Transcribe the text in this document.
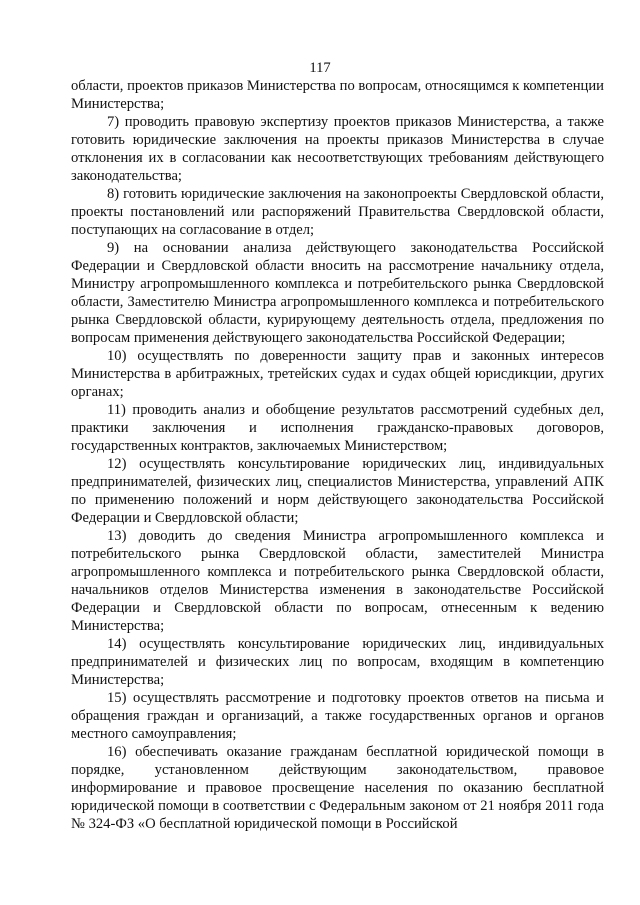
117

области, проектов приказов Министерства по вопросам, относящимся к компетенции Министерства;

7) проводить правовую экспертизу проектов приказов Министерства, а также готовить юридические заключения на проекты приказов Министерства в случае отклонения их в согласовании как несоответствующих требованиям действующего законодательства;

8) готовить юридические заключения на законопроекты Свердловской области, проекты постановлений или распоряжений Правительства Свердловской области, поступающих на согласование в отдел;

9) на основании анализа действующего законодательства Российской Федерации и Свердловской области вносить на рассмотрение начальнику отдела, Министру агропромышленного комплекса и потребительского рынка Свердловской области, Заместителю Министра агропромышленного комплекса и потребительского рынка Свердловской области, курирующему деятельность отдела, предложения по вопросам применения действующего законодательства Российской Федерации;

10) осуществлять по доверенности защиту прав и законных интересов Министерства в арбитражных, третейских судах и судах общей юрисдикции, других органах;

11) проводить анализ и обобщение результатов рассмотрений судебных дел, практики заключения и исполнения гражданско-правовых договоров, государственных контрактов, заключаемых Министерством;

12) осуществлять консультирование юридических лиц, индивидуальных предпринимателей, физических лиц, специалистов Министерства, управлений АПК по применению положений и норм действующего законодательства Российской Федерации и Свердловской области;

13) доводить до сведения Министра агропромышленного комплекса и потребительского рынка Свердловской области, заместителей Министра агропромышленного комплекса и потребительского рынка Свердловской области, начальников отделов Министерства изменения в законодательстве Российской Федерации и Свердловской области по вопросам, отнесенным к ведению Министерства;

14) осуществлять консультирование юридических лиц, индивидуальных предпринимателей и физических лиц по вопросам, входящим в компетенцию Министерства;

15) осуществлять рассмотрение и подготовку проектов ответов на письма и обращения граждан и организаций, а также государственных органов и органов местного самоуправления;

16) обеспечивать оказание гражданам бесплатной юридической помощи в порядке, установленном действующим законодательством, правовое информирование и правовое просвещение населения по оказанию бесплатной юридической помощи в соответствии с Федеральным законом от 21 ноября 2011 года № 324-ФЗ «О бесплатной юридической помощи в Российской
